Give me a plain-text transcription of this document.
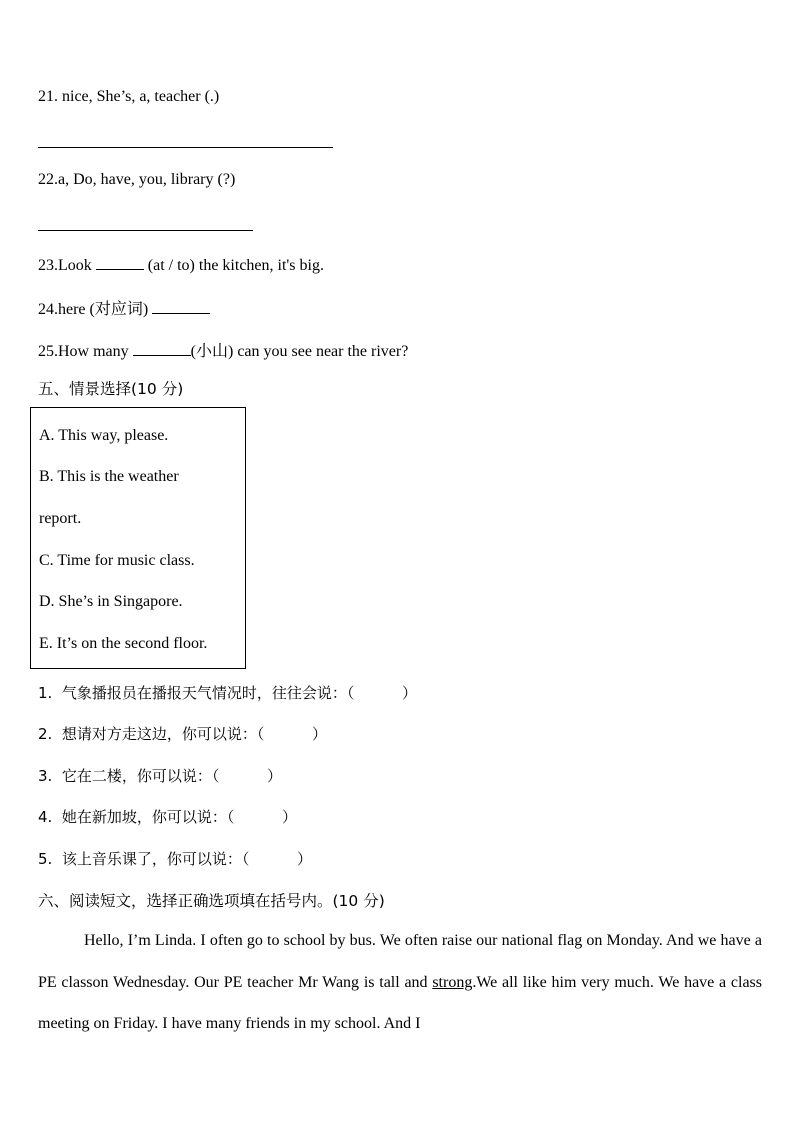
21. nice, She’s, a, teacher (.)
22.a, Do, have, you, library (?)
23.Look	(at / to) the kitchen, it's big.
24.here (对应词)
25.How many	(小山) can you see near the river?
五、情景选择(10 分)
A. This way, please.
B. This is the weather
report.
C. Time for music class.
D. She’s in Singapore.
E. It’s on the second floor.
1.  气象播报员在播报天气情况时，往往会说：（          ）
2.  想请对方走这边，你可以说：（          ）
3.  它在二楼，你可以说：（          ）
4.  她在新加坡，你可以说：（          ）
5.  该上音乐课了，你可以说：（          ）
六、阅读短文，选择正确选项填在括号内。(10 分)
Hello, I’m Linda. I often go to school by bus. We often raise our national flag on Monday. And we have a PE classon Wednesday. Our PE teacher Mr Wang is tall and strong.We all like him very much. We have a class meeting on Friday. I have many friends in my school. And I
